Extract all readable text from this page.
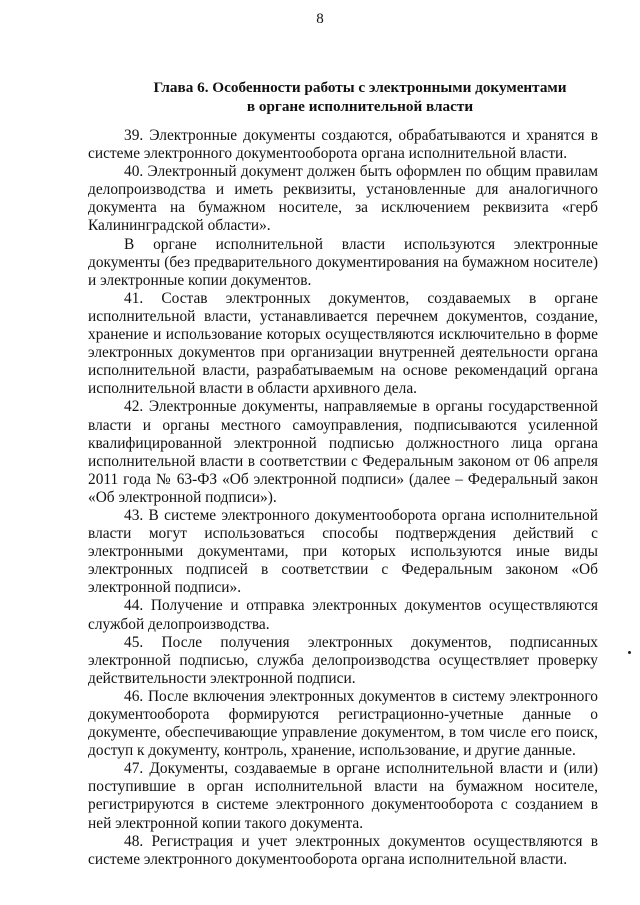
8
Глава 6. Особенности работы с электронными документами
в органе исполнительной власти

39. Электронные документы создаются, обрабатываются и хранятся в системе электронного документооборота органа исполнительной власти.

40. Электронный документ должен быть оформлен по общим правилам делопроизводства и иметь реквизиты, установленные для аналогичного документа на бумажном носителе, за исключением реквизита «герб Калининградской области».

В органе исполнительной власти используются электронные документы (без предварительного документирования на бумажном носителе) и электронные копии документов.

41. Состав электронных документов, создаваемых в органе исполнительной власти, устанавливается перечнем документов, создание, хранение и использование которых осуществляются исключительно в форме электронных документов при организации внутренней деятельности органа исполнительной власти, разрабатываемым на основе рекомендаций органа исполнительной власти в области архивного дела.

42. Электронные документы, направляемые в органы государственной власти и органы местного самоуправления, подписываются усиленной квалифицированной электронной подписью должностного лица органа исполнительной власти в соответствии с Федеральным законом от 06 апреля 2011 года № 63-ФЗ «Об электронной подписи» (далее – Федеральный закон «Об электронной подписи»).

43. В системе электронного документооборота органа исполнительной власти могут использоваться способы подтверждения действий с электронными документами, при которых используются иные виды электронных подписей в соответствии с Федеральным законом «Об электронной подписи».

44. Получение и отправка электронных документов осуществляются службой делопроизводства.

45. После получения электронных документов, подписанных электронной подписью, служба делопроизводства осуществляет проверку действительности электронной подписи.

46. После включения электронных документов в систему электронного документооборота формируются регистрационно-учетные данные о документе, обеспечивающие управление документом, в том числе его поиск, доступ к документу, контроль, хранение, использование, и другие данные.

47. Документы, создаваемые в органе исполнительной власти и (или) поступившие в орган исполнительной власти на бумажном носителе, регистрируются в системе электронного документооборота с созданием в ней электронной копии такого документа.

48. Регистрация и учет электронных документов осуществляются в системе электронного документооборота органа исполнительной власти.
